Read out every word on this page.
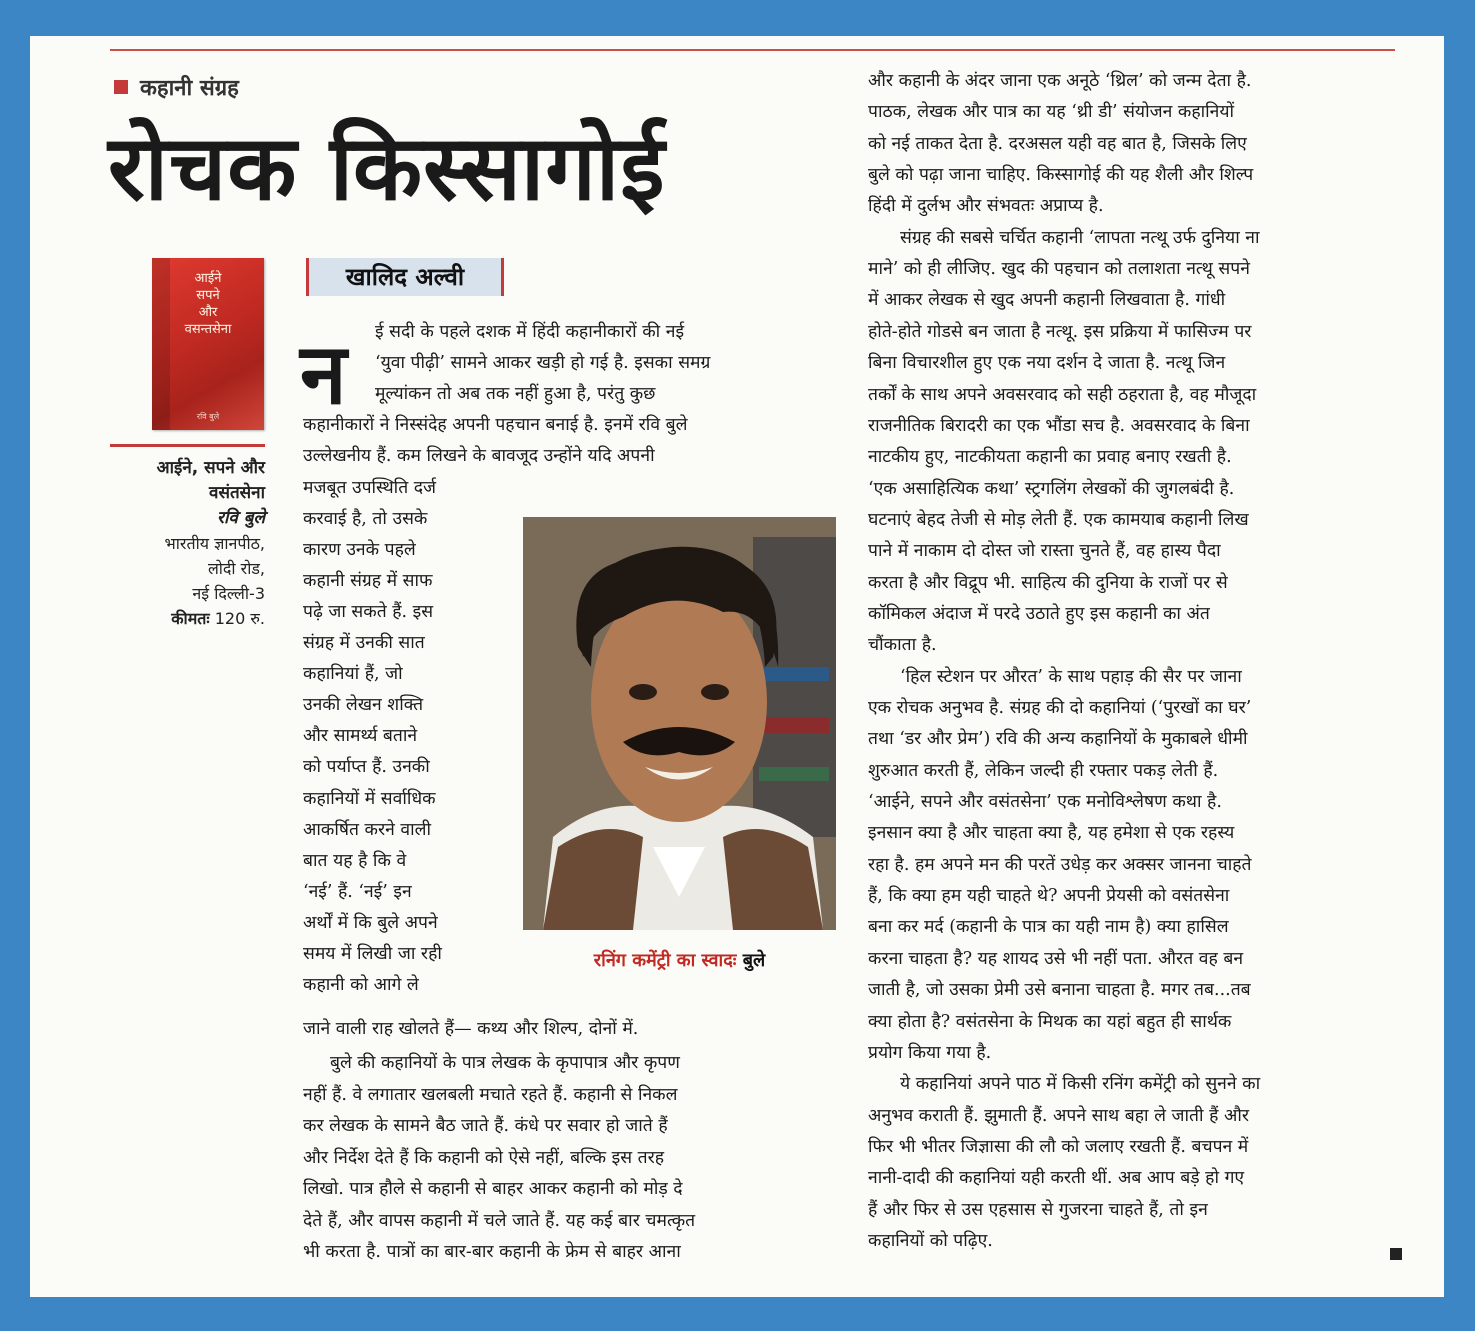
कहानी संग्रह
रोचक किस्सागोई
आईने
सपने
और
वसन्तसेना
रवि बुले
आईने, सपने और
वसंतसेना
रवि बुले
भारतीय ज्ञानपीठ,
लोदी रोड,
नई दिल्ली-3
कीमतः 120 रु.
खालिद अल्वी
न ई सदी के पहले दशक में हिंदी कहानीकारों की नई
‘युवा पीढ़ी’ सामने आकर खड़ी हो गई है. इसका समग्र
मूल्यांकन तो अब तक नहीं हुआ है, परंतु कुछ
कहानीकारों ने निस्संदेह अपनी पहचान बनाई है. इनमें रवि बुले
उल्लेखनीय हैं. कम लिखने के बावजूद उन्होंने यदि अपनी
मजबूत उपस्थिति दर्ज
करवाई है, तो उसके
कारण उनके पहले
कहानी संग्रह में साफ
पढ़े जा सकते हैं. इस
संग्रह में उनकी सात
कहानियां हैं, जो
उनकी लेखन शक्ति
और सामर्थ्य बताने
को पर्याप्त हैं. उनकी
कहानियों में सर्वाधिक
आकर्षित करने वाली
बात यह है कि वे
‘नई’ हैं. ‘नई’ इन
अर्थों में कि बुले अपने
समय में लिखी जा रही
कहानी को आगे ले
जाने वाली राह खोलते हैं— कथ्य और शिल्प, दोनों में.
बुले की कहानियों के पात्र लेखक के कृपापात्र और कृपण
नहीं हैं. वे लगातार खलबली मचाते रहते हैं. कहानी से निकल
कर लेखक के सामने बैठ जाते हैं. कंधे पर सवार हो जाते हैं
और निर्देश देते हैं कि कहानी को ऐसे नहीं, बल्कि इस तरह
लिखो. पात्र हौले से कहानी से बाहर आकर कहानी को मोड़ दे
देते हैं, और वापस कहानी में चले जाते हैं. यह कई बार चमत्कृत
भी करता है. पात्रों का बार-बार कहानी के फ्रेम से बाहर आना
और कहानी के अंदर जाना एक अनूठे ‘थ्रिल’ को जन्म देता है.
पाठक, लेखक और पात्र का यह ‘थ्री डी’ संयोजन कहानियों
को नई ताकत देता है. दरअसल यही वह बात है, जिसके लिए
बुले को पढ़ा जाना चाहिए. किस्सागोई की यह शैली और शिल्प
हिंदी में दुर्लभ और संभवतः अप्राप्य है.
संग्रह की सबसे चर्चित कहानी ‘लापता नत्थू उर्फ दुनिया ना
माने’ को ही लीजिए. खुद की पहचान को तलाशता नत्थू सपने
में आकर लेखक से खुद अपनी कहानी लिखवाता है. गांधी
होते-होते गोडसे बन जाता है नत्थू. इस प्रक्रिया में फासिज्म पर
बिना विचारशील हुए एक नया दर्शन दे जाता है. नत्थू जिन
तर्कों के साथ अपने अवसरवाद को सही ठहराता है, वह मौजूदा
राजनीतिक बिरादरी का एक भौंडा सच है. अवसरवाद के बिना
नाटकीय हुए, नाटकीयता कहानी का प्रवाह बनाए रखती है.
‘एक असाहित्यिक कथा’ स्ट्रगलिंग लेखकों की जुगलबंदी है.
घटनाएं बेहद तेजी से मोड़ लेती हैं. एक कामयाब कहानी लिख
पाने में नाकाम दो दोस्त जो रास्ता चुनते हैं, वह हास्य पैदा
करता है और विद्रूप भी. साहित्य की दुनिया के राजों पर से
कॉमिकल अंदाज में परदे उठाते हुए इस कहानी का अंत
चौंकाता है.
‘हिल स्टेशन पर औरत’ के साथ पहाड़ की सैर पर जाना
एक रोचक अनुभव है. संग्रह की दो कहानियां (‘पुरखों का घर’
तथा ‘डर और प्रेम’) रवि की अन्य कहानियों के मुकाबले धीमी
शुरुआत करती हैं, लेकिन जल्दी ही रफ्तार पकड़ लेती हैं.
‘आईने, सपने और वसंतसेना’ एक मनोविश्लेषण कथा है.
इनसान क्या है और चाहता क्या है, यह हमेशा से एक रहस्य
रहा है. हम अपने मन की परतें उधेड़ कर अक्सर जानना चाहते
हैं, कि क्या हम यही चाहते थे? अपनी प्रेयसी को वसंतसेना
बना कर मर्द (कहानी के पात्र का यही नाम है) क्या हासिल
करना चाहता है? यह शायद उसे भी नहीं पता. औरत वह बन
जाती है, जो उसका प्रेमी उसे बनाना चाहता है. मगर तब...तब
क्या होता है? वसंतसेना के मिथक का यहां बहुत ही सार्थक
प्रयोग किया गया है.
ये कहानियां अपने पाठ में किसी रनिंग कमेंट्री को सुनने का
अनुभव कराती हैं. झुमाती हैं. अपने साथ बहा ले जाती हैं और
फिर भी भीतर जिज्ञासा की लौ को जलाए रखती हैं. बचपन में
नानी-दादी की कहानियां यही करती थीं. अब आप बड़े हो गए
हैं और फिर से उस एहसास से गुजरना चाहते हैं, तो इन
कहानियों को पढ़िए.
रनिंग कमेंट्री का स्वादः बुले
